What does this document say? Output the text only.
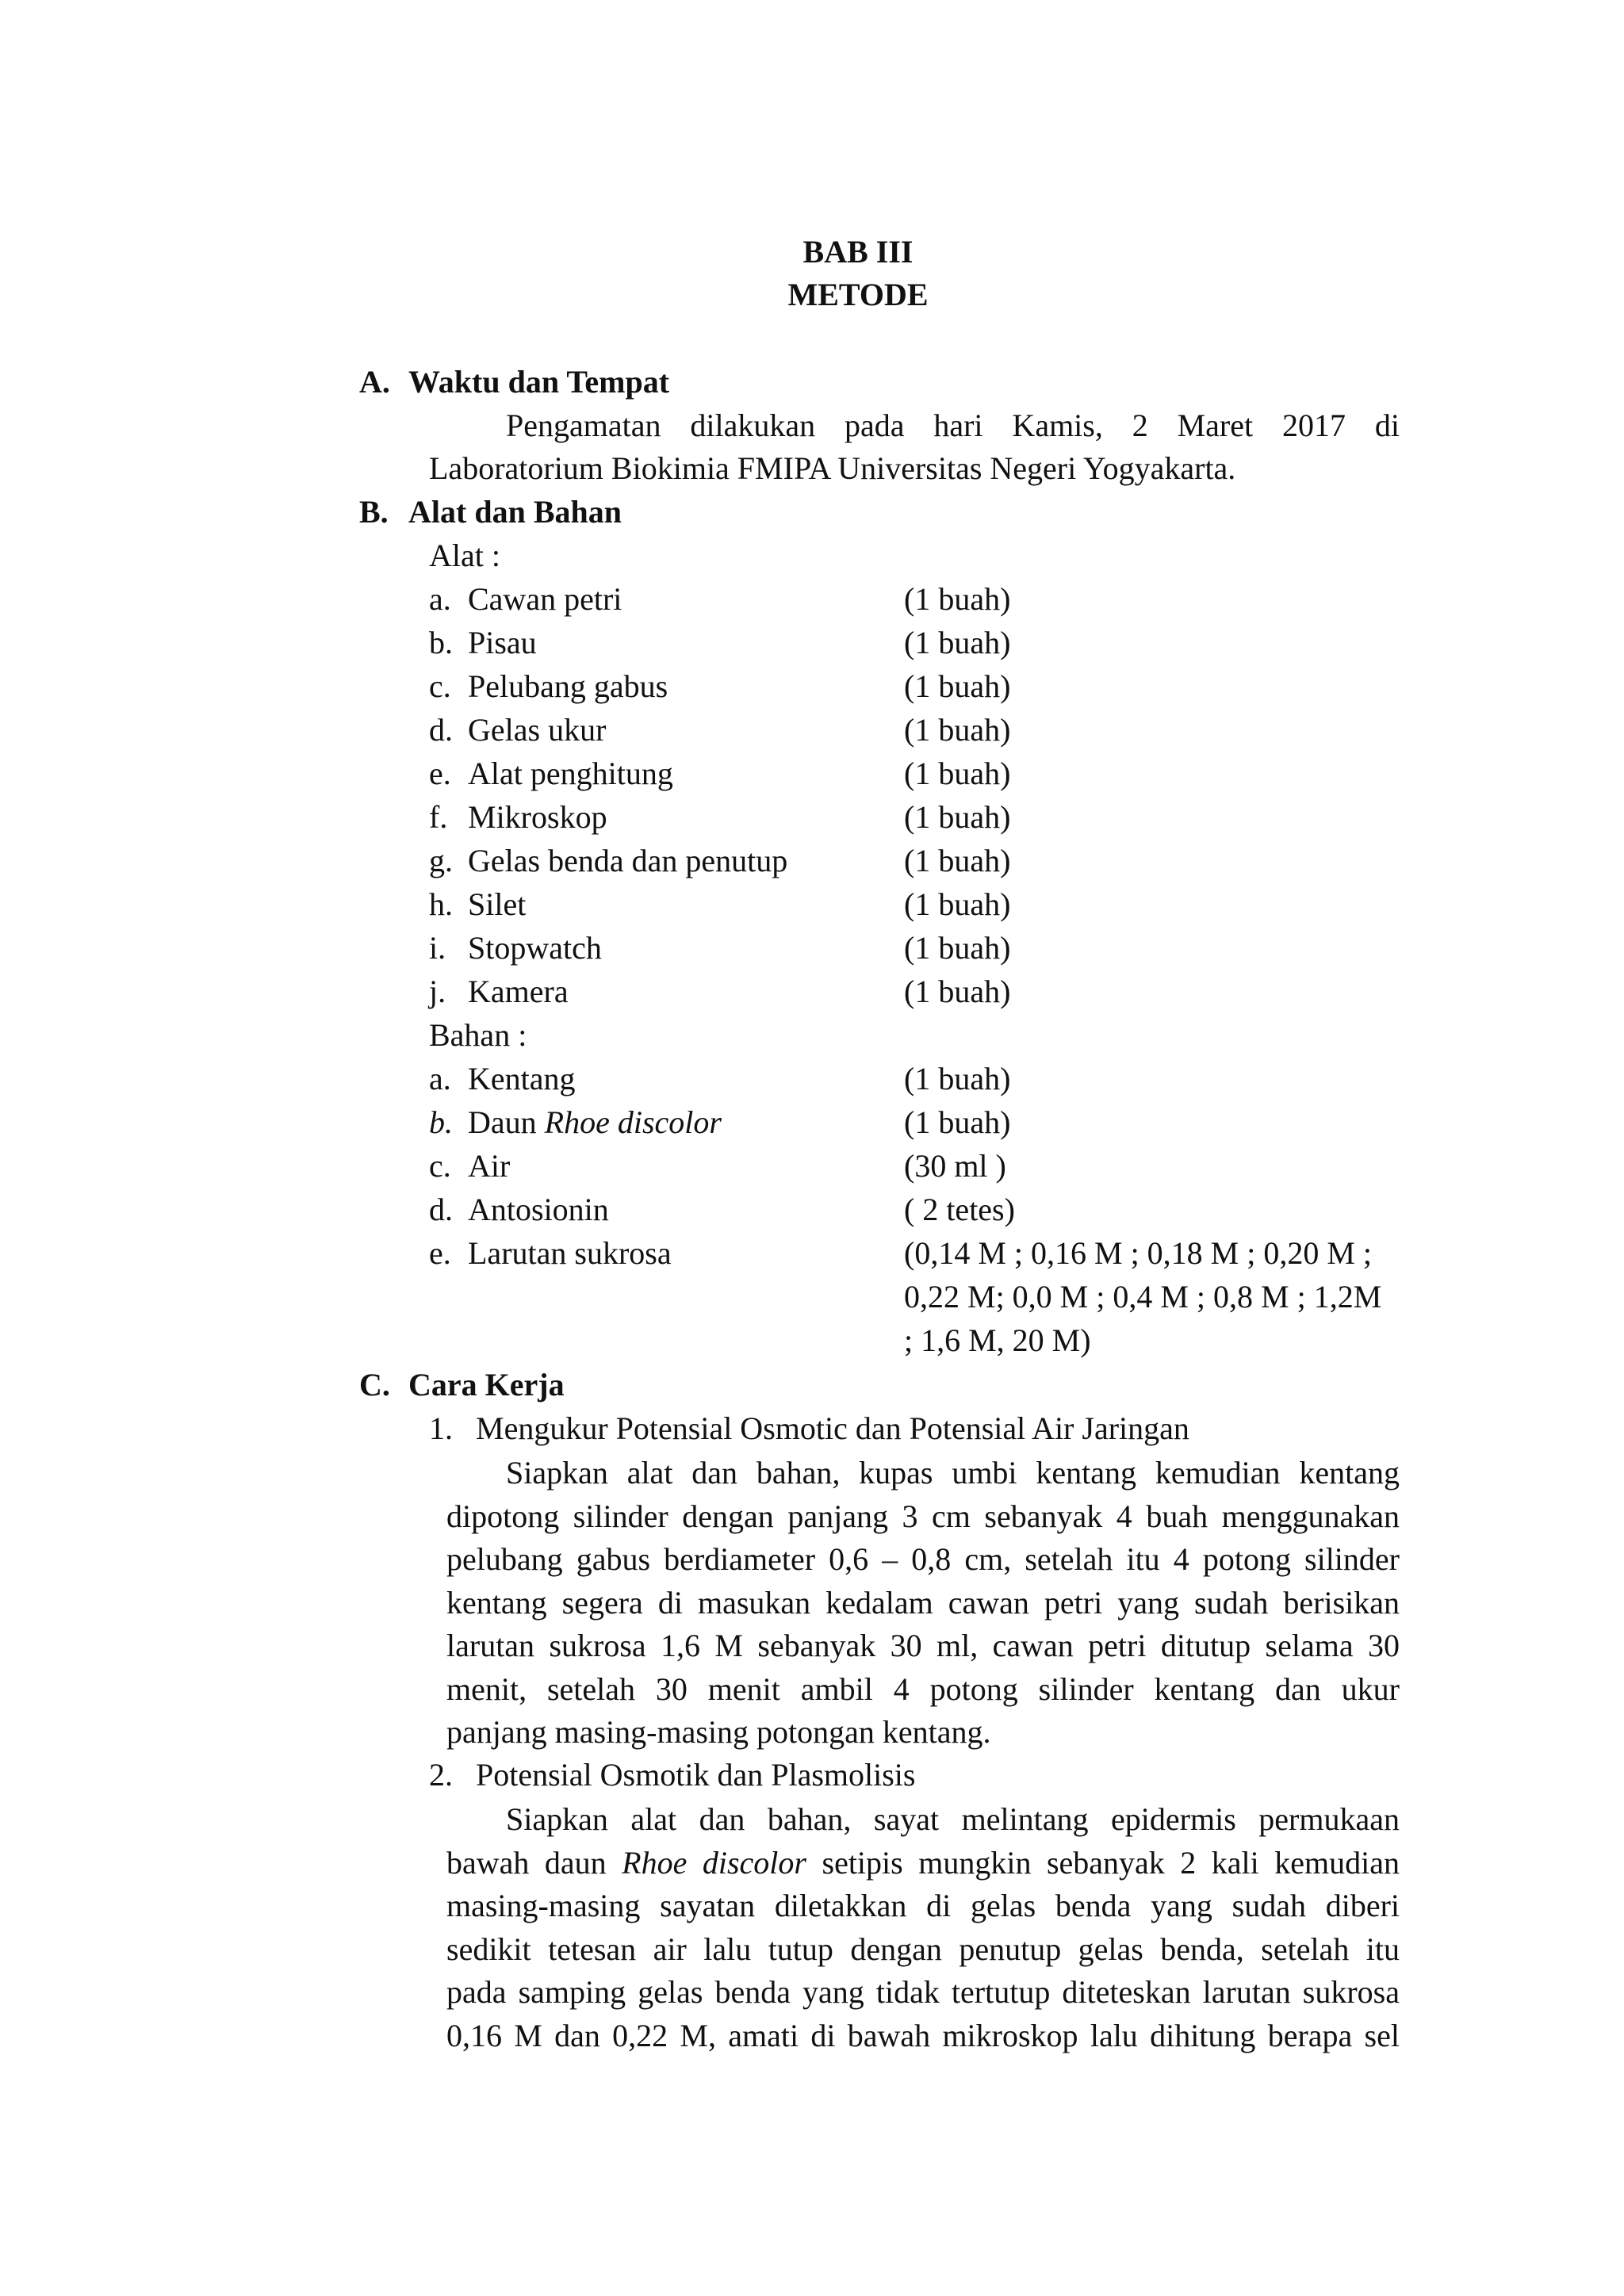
BAB III
METODE
A. Waktu dan Tempat
Pengamatan dilakukan pada hari Kamis, 2 Maret 2017 di
Laboratorium Biokimia FMIPA Universitas Negeri Yogyakarta.
B. Alat dan Bahan
Alat :
a. Cawan petri	(1 buah)
b. Pisau	(1 buah)
c. Pelubang gabus	(1 buah)
d. Gelas ukur	(1 buah)
e. Alat penghitung	(1 buah)
f. Mikroskop	(1 buah)
g. Gelas benda dan penutup	(1 buah)
h. Silet	(1 buah)
i. Stopwatch	(1 buah)
j. Kamera	(1 buah)
Bahan :
a. Kentang	(1 buah)
b. Daun Rhoe discolor	(1 buah)
c. Air	(30 ml )
d. Antosionin	( 2 tetes)
e. Larutan sukrosa	(0,14 M ; 0,16 M ; 0,18 M ; 0,20 M ;
0,22 M; 0,0 M ; 0,4 M ; 0,8 M ; 1,2M
; 1,6 M, 20 M)
C. Cara Kerja
1. Mengukur Potensial Osmotic dan Potensial Air Jaringan
Siapkan alat dan bahan, kupas umbi kentang kemudian kentang
dipotong silinder dengan panjang 3 cm sebanyak 4 buah menggunakan
pelubang gabus berdiameter 0,6 – 0,8 cm, setelah itu 4 potong silinder
kentang segera di masukan kedalam cawan petri yang sudah berisikan
larutan sukrosa 1,6 M sebanyak 30 ml, cawan petri ditutup selama 30
menit, setelah 30 menit ambil 4 potong silinder kentang dan ukur
panjang masing-masing potongan kentang.
2. Potensial Osmotik dan Plasmolisis
Siapkan alat dan bahan, sayat melintang epidermis permukaan
bawah daun Rhoe discolor setipis mungkin sebanyak 2 kali kemudian
masing-masing sayatan diletakkan di gelas benda yang sudah diberi
sedikit tetesan air lalu tutup dengan penutup gelas benda, setelah itu
pada samping gelas benda yang tidak tertutup diteteskan larutan sukrosa
0,16 M dan 0,22 M, amati di bawah mikroskop lalu dihitung berapa sel
